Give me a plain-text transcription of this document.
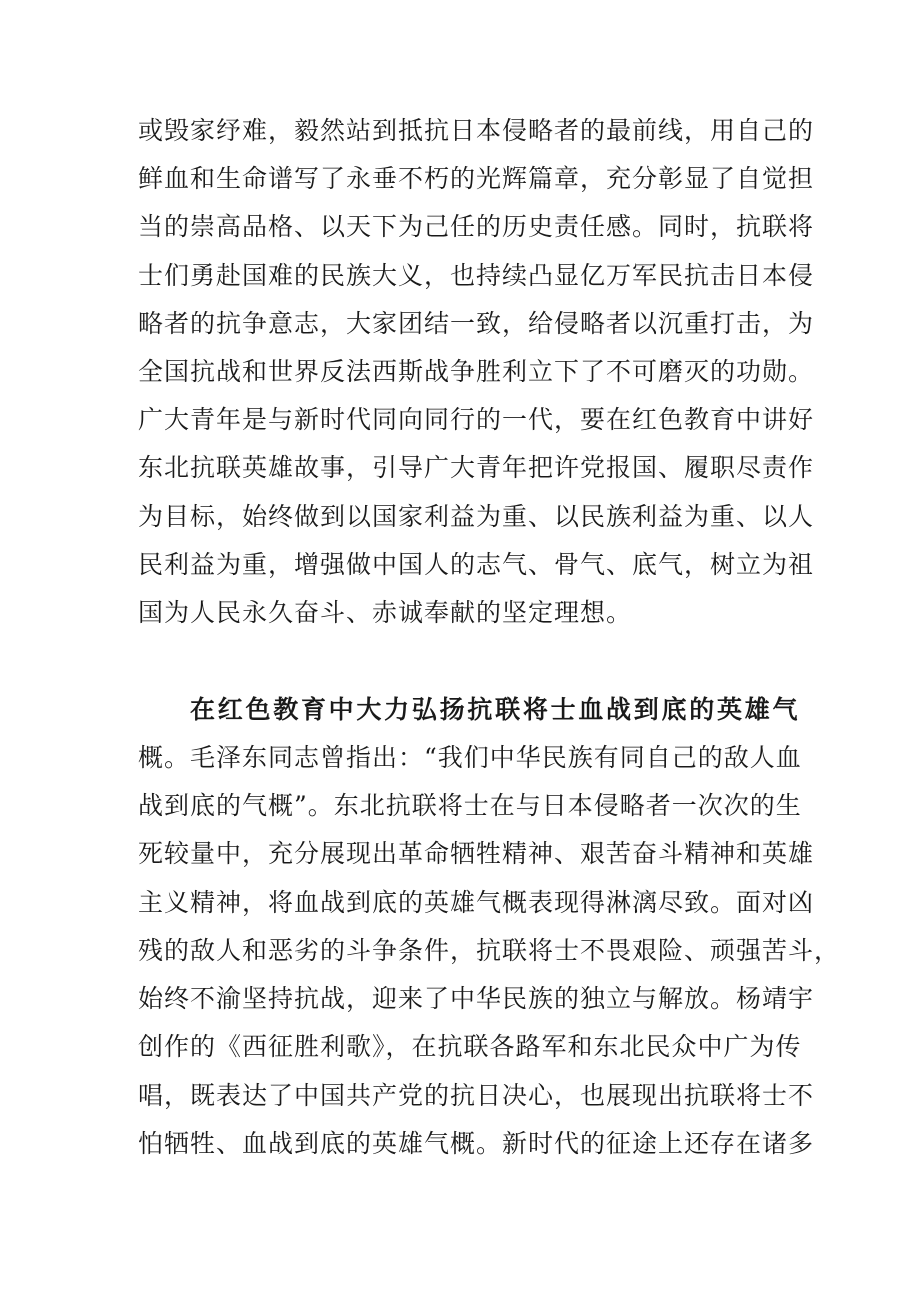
或毁家纾难，毅然站到抵抗日本侵略者的最前线，用自己的
鲜血和生命谱写了永垂不朽的光辉篇章，充分彰显了自觉担
当的崇高品格、以天下为己任的历史责任感。同时，抗联将
士们勇赴国难的民族大义，也持续凸显亿万军民抗击日本侵
略者的抗争意志，大家团结一致，给侵略者以沉重打击，为
全国抗战和世界反法西斯战争胜利立下了不可磨灭的功勋。
广大青年是与新时代同向同行的一代，要在红色教育中讲好
东北抗联英雄故事，引导广大青年把许党报国、履职尽责作
为目标，始终做到以国家利益为重、以民族利益为重、以人
民利益为重，增强做中国人的志气、骨气、底气，树立为祖
国为人民永久奋斗、赤诚奉献的坚定理想。
在红色教育中大力弘扬抗联将士血战到底的英雄气
概。毛泽东同志曾指出：“我们中华民族有同自己的敌人血
战到底的气概”。东北抗联将士在与日本侵略者一次次的生
死较量中，充分展现出革命牺牲精神、艰苦奋斗精神和英雄
主义精神，将血战到底的英雄气概表现得淋漓尽致。面对凶
残的敌人和恶劣的斗争条件，抗联将士不畏艰险、顽强苦斗，
始终不渝坚持抗战，迎来了中华民族的独立与解放。杨靖宇
创作的《西征胜利歌》，在抗联各路军和东北民众中广为传
唱，既表达了中国共产党的抗日决心，也展现出抗联将士不
怕牺牲、血战到底的英雄气概。新时代的征途上还存在诸多
